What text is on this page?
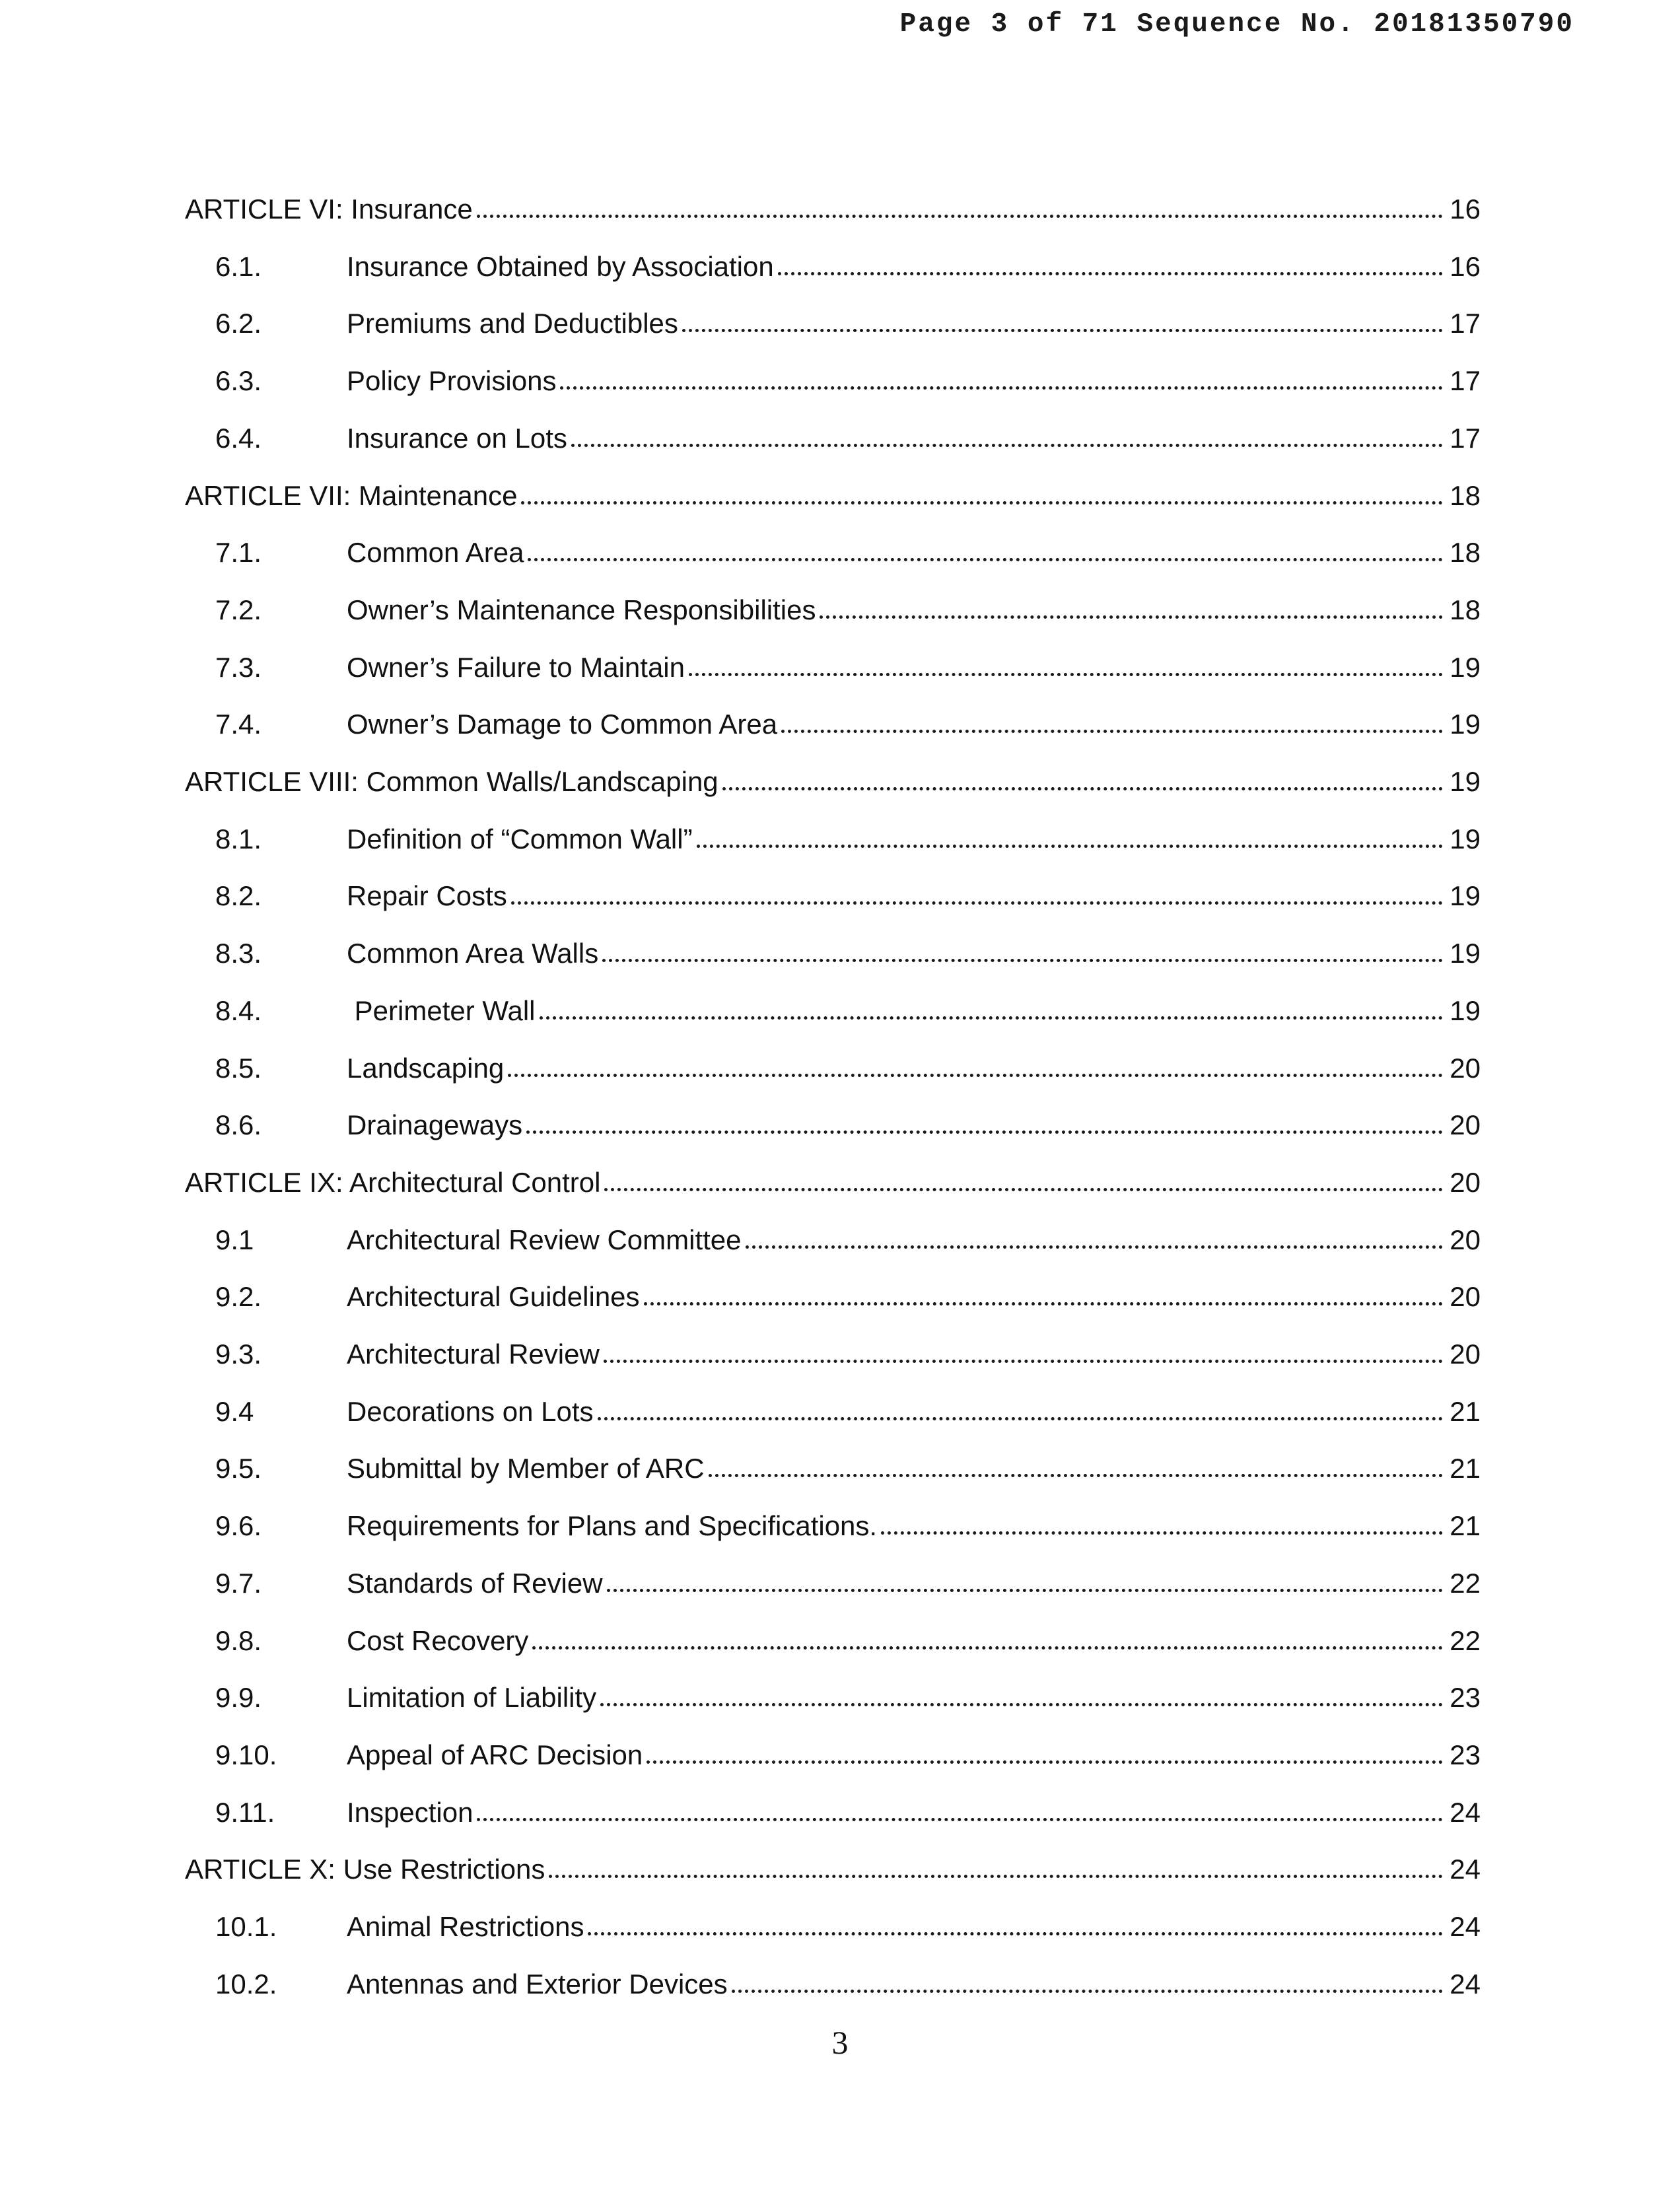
Page 3 of 71 Sequence No. 20181350790
ARTICLE VI: Insurance	16
6.1.	Insurance Obtained by Association	16
6.2.	Premiums and Deductibles	17
6.3.	Policy Provisions	17
6.4.	Insurance on Lots	17
ARTICLE VII: Maintenance	18
7.1.	Common Area	18
7.2.	Owner’s Maintenance Responsibilities	18
7.3.	Owner’s Failure to Maintain	19
7.4.	Owner’s Damage to Common Area	19
ARTICLE VIII: Common Walls/Landscaping	19
8.1.	Definition of “Common Wall”	19
8.2.	Repair Costs	19
8.3.	Common Area Walls	19
8.4.	Perimeter Wall	19
8.5.	Landscaping	20
8.6.	Drainageways	20
ARTICLE IX: Architectural Control	20
9.1	Architectural Review Committee	20
9.2.	Architectural Guidelines	20
9.3.	Architectural Review	20
9.4	Decorations on Lots	21
9.5.	Submittal by Member of ARC	21
9.6.	Requirements for Plans and Specifications.	21
9.7.	Standards of Review	22
9.8.	Cost Recovery	22
9.9.	Limitation of Liability	23
9.10.	Appeal of ARC Decision	23
9.11.	Inspection	24
ARTICLE X: Use Restrictions	24
10.1.	Animal Restrictions	24
10.2.	Antennas and Exterior Devices	24
3
